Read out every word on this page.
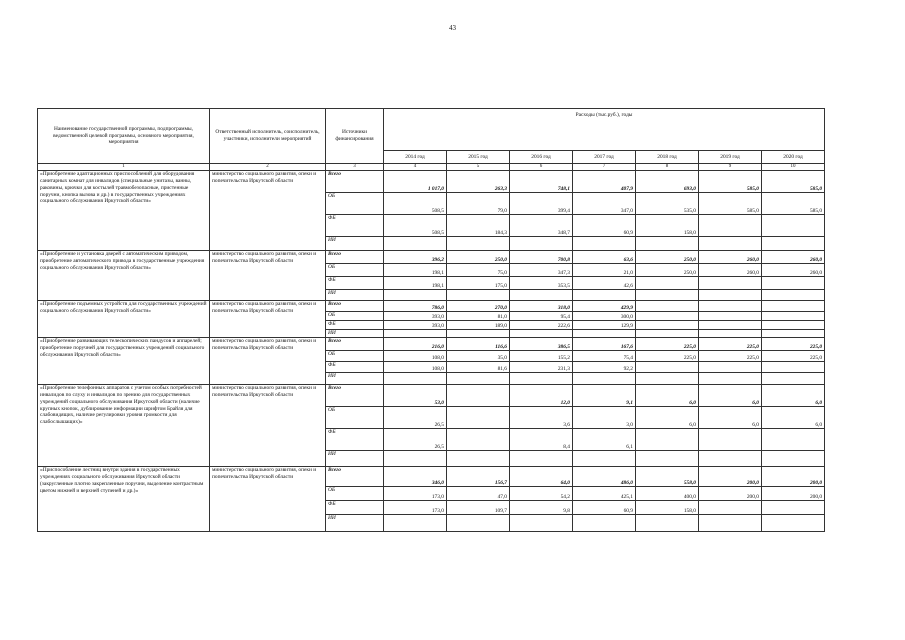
43
Наименование государственной программы, подпрограммы, ведомственной целевой программы, основного мероприятия, мероприятия	Ответственный исполнитель, соисполнитель, участники, исполнители мероприятий	Источники финансирования	Расходы (тыс.руб.), годы						
			2014 год	2015 год	2016 год	2017 год	2018 год	2019 год	2020 год
1	2	3	4	5	6	7	8	9	10
«Приобретение адаптационных приспособлений для оборудования санитарных комнат для инвалидов (специальные унитазы, ванны, раковины, крючки для костылей травмобезопасные, пристенные поручни, кнопка вызова и др.) в государственных учреждениях социального обслуживания Иркутской области»	министерство социального развития, опеки и попечительства Иркутской области	Всего	1 017,0	263,3	748,1	407,9	693,0	585,0	585,0
		ОБ	508,5	79,0	399,4	347,0	535,0	585,0	585,0
		ФБ	508,5	184,3	348,7	60,9	158,0		
		ИИ							
«Приобретение и установка дверей с автоматическим приводом, приобретение автоматического привода в государственные учреждения социального обслуживания Иркутской области»	министерство социального развития, опеки и попечительства Иркутской области	Всего	396,2	250,0	700,8	63,6	250,0	260,0	260,0
		ОБ	198,1	75,0	347,3	21,0	250,0	260,0	260,0
		ФБ	198,1	175,0	353,5	42,6			
		ИИ							
«Приобретение подъемных устройств для государственных учреждений социального обслуживания Иркутской области»	министерство социального развития, опеки и попечительства Иркутской области	Всего	786,0	270,0	318,0	429,9			
		ОБ	393,0	81,0	95,4	300,0			
		ФБ	393,0	189,0	222,6	129,9			
		ИИ							
«Приобретение развивающих телескопических пандусов и аппарелей; приобретение поручней для государственных учреждений социального обслуживания Иркутской области»	министерство социального развития, опеки и попечительства Иркутской области	Всего	216,0	116,6	386,5	167,6	225,0	225,0	225,0
		ОБ	108,0	35,0	155,2	75,4	225,0	225,0	225,0
		ФБ	108,0	81,6	231,3	92,2			
		ИИ							
«Приобретение телефонных аппаратов с учетом особых потребностей инвалидов по слуху и инвалидов по зрению для государственных учреждений социального обслуживания Иркутской области (наличие крупных кнопок, дублирование информации шрифтом Брайля для слабовидящих, наличие регулировки уровня громкости для слабослышащих)»	министерство социального развития, опеки и попечительства Иркутской области	Всего	53,0		12,0	9,1	6,0	6,0	6,0
		ОБ	26,5		3,6	3,0	6,0	6,0	6,0
		ФБ	26,5		8,4	6,1			
		ИИ							
«Приспособление лестниц внутри здания в государственных учреждениях социального обслуживания Иркутской области (закругленные плотно закрепленные поручни, выделение контрастным цветом нижней и верхней ступеней и др.)»	министерство социального развития, опеки и попечительства Иркутской области	Всего	346,0	156,7	64,0	486,0	558,0	200,0	200,0
		ОБ	173,0	47,0	54,2	425,1	400,0	200,0	200,0
		ФБ	173,0	109,7	9,8	60,9	158,0		
		ИИ							
